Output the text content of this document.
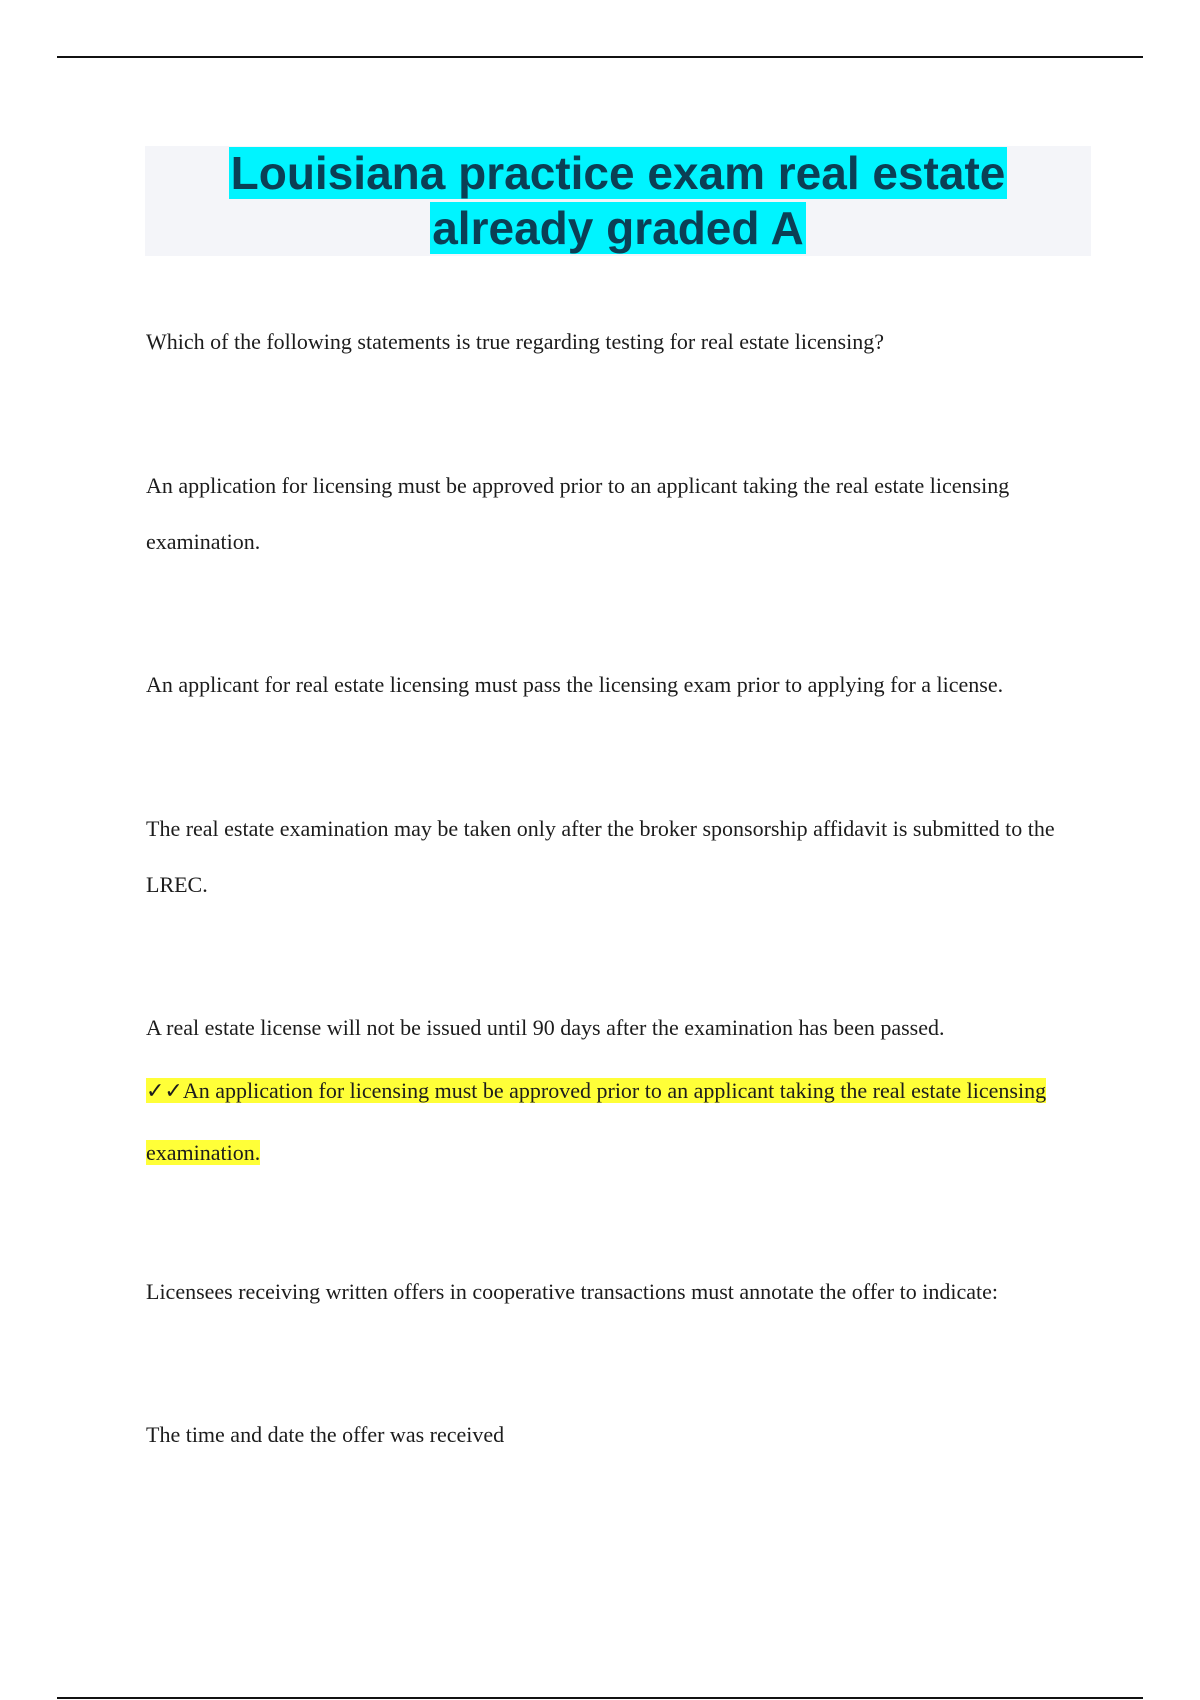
Louisiana practice exam real estate
already graded A

Which of the following statements is true regarding testing for real estate licensing?

An application for licensing must be approved prior to an applicant taking the real estate licensing examination.

An applicant for real estate licensing must pass the licensing exam prior to applying for a license.

The real estate examination may be taken only after the broker sponsorship affidavit is submitted to the LREC.

A real estate license will not be issued until 90 days after the examination has been passed.

✓✓An application for licensing must be approved prior to an applicant taking the real estate licensing examination.

Licensees receiving written offers in cooperative transactions must annotate the offer to indicate:

The time and date the offer was received
